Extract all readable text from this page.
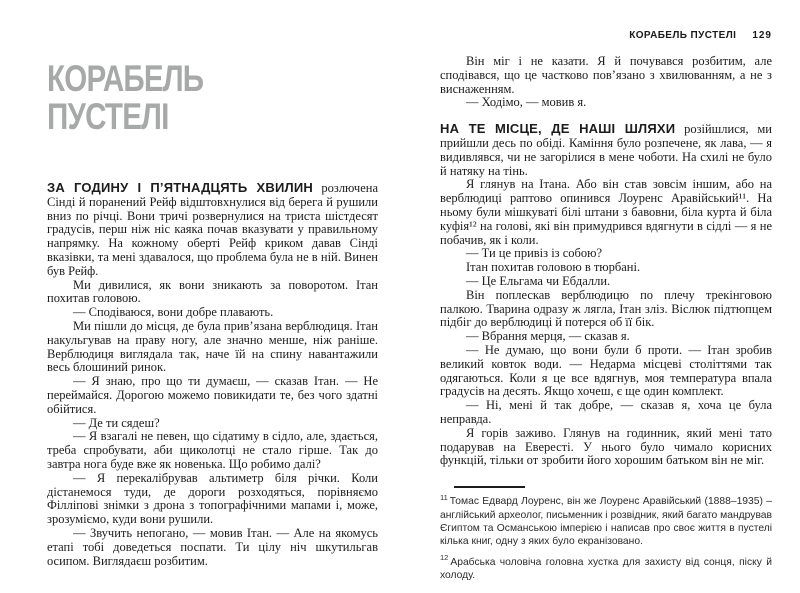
КОРАБЕЛЬ
ПУСТЕЛІ

ЗА ГОДИНУ І П’ЯТНАДЦЯТЬ ХВИЛИН розлючена Сінді й поранений Рейф відштовхнулися від берега й рушили вниз по річці. Вони тричі розвернулися на триста шістдесят градусів, перш ніж ніс каяка почав вказувати у правильному напрямку. На кожному оберті Рейф криком давав Сінді вказівки, та мені здавалося, що проблема була не в ній. Винен був Рейф.

Ми дивилися, як вони зникають за поворотом. Ітан похитав головою.

— Сподіваюся, вони добре плавають.

Ми пішли до місця, де була прив’язана верблюдиця. Ітан накульгував на праву ногу, але значно менше, ніж раніше. Верблюдиця виглядала так, наче їй на спину навантажили весь блошиний ринок.

— Я знаю, про що ти думаєш, — сказав Ітан. — Не переймайся. Дорогою можемо повикидати те, без чого здатні обійтися.

— Де ти сядеш?

— Я взагалі не певен, що сідатиму в сідло, але, здається, треба спробувати, аби щиколотці не стало гірше. Так до завтра нога буде вже як новенька. Що робимо далі?

— Я перекалібрував альтиметр біля річки. Коли дістанемося туди, де дороги розходяться, порівняємо Філліпові знімки з дрона з топографічними мапами і, може, зрозуміємо, куди вони рушили.

— Звучить непогано, — мовив Ітан. — Але на якомусь етапі тобі доведеться поспати. Ти цілу ніч шкутильгав осипом. Виглядаєш розбитим.

КОРАБЕЛЬ ПУСТЕЛІ 129

Він міг і не казати. Я й почувався розбитим, але сподівався, що це частково пов’язано з хвилюванням, а не з виснаженням.

— Ходімо, — мовив я.

НА ТЕ МІСЦЕ, ДЕ НАШІ ШЛЯХИ розійшлися, ми прийшли десь по обіді. Каміння було розпечене, як лава, — я видивлявся, чи не загорілися в мене чоботи. На схилі не було й натяку на тінь.

Я глянув на Ітана. Або він став зовсім іншим, або на верблюдиці раптово опинився Лоуренс Аравійський¹¹. На ньому були мішкуваті білі штани з бавовни, біла курта й біла куфія¹² на голові, які він примудрився вдягнути в сідлі — я не побачив, як і коли.

— Ти це привіз із собою?

Ітан похитав головою в тюрбані.

— Це Ельгама чи Ебдалли.

Він поплескав верблюдицю по плечу трекінговою палкою. Тварина одразу ж лягла, Ітан зліз. Віслюк підтюпцем підбіг до верблюдиці й потерся об її бік.

— Вбрання мерця, — сказав я.

— Не думаю, що вони були б проти. — Ітан зробив великий ковток води. — Недарма місцеві століттями так одягаються. Коли я це все вдягнув, моя температура впала градусів на десять. Якщо хочеш, є ще один комплект.

— Ні, мені й так добре, — сказав я, хоча це була неправда.

Я горів заживо. Глянув на годинник, який мені тато подарував на Евересті. У нього було чимало корисних функцій, тільки от зробити його хорошим батьком він не міг.

$^{11}$ Томас Едвард Лоуренс, він же Лоуренс Аравійський (1888–1935) – англійський археолог, письменник і розвідник, який багато мандрував Єгиптом та Османською імперією і написав про своє життя в пустелі кілька книг, одну з яких було екранізовано.

$^{12}$ Арабська чоловіча головна хустка для захисту від сонця, піску й холоду.
